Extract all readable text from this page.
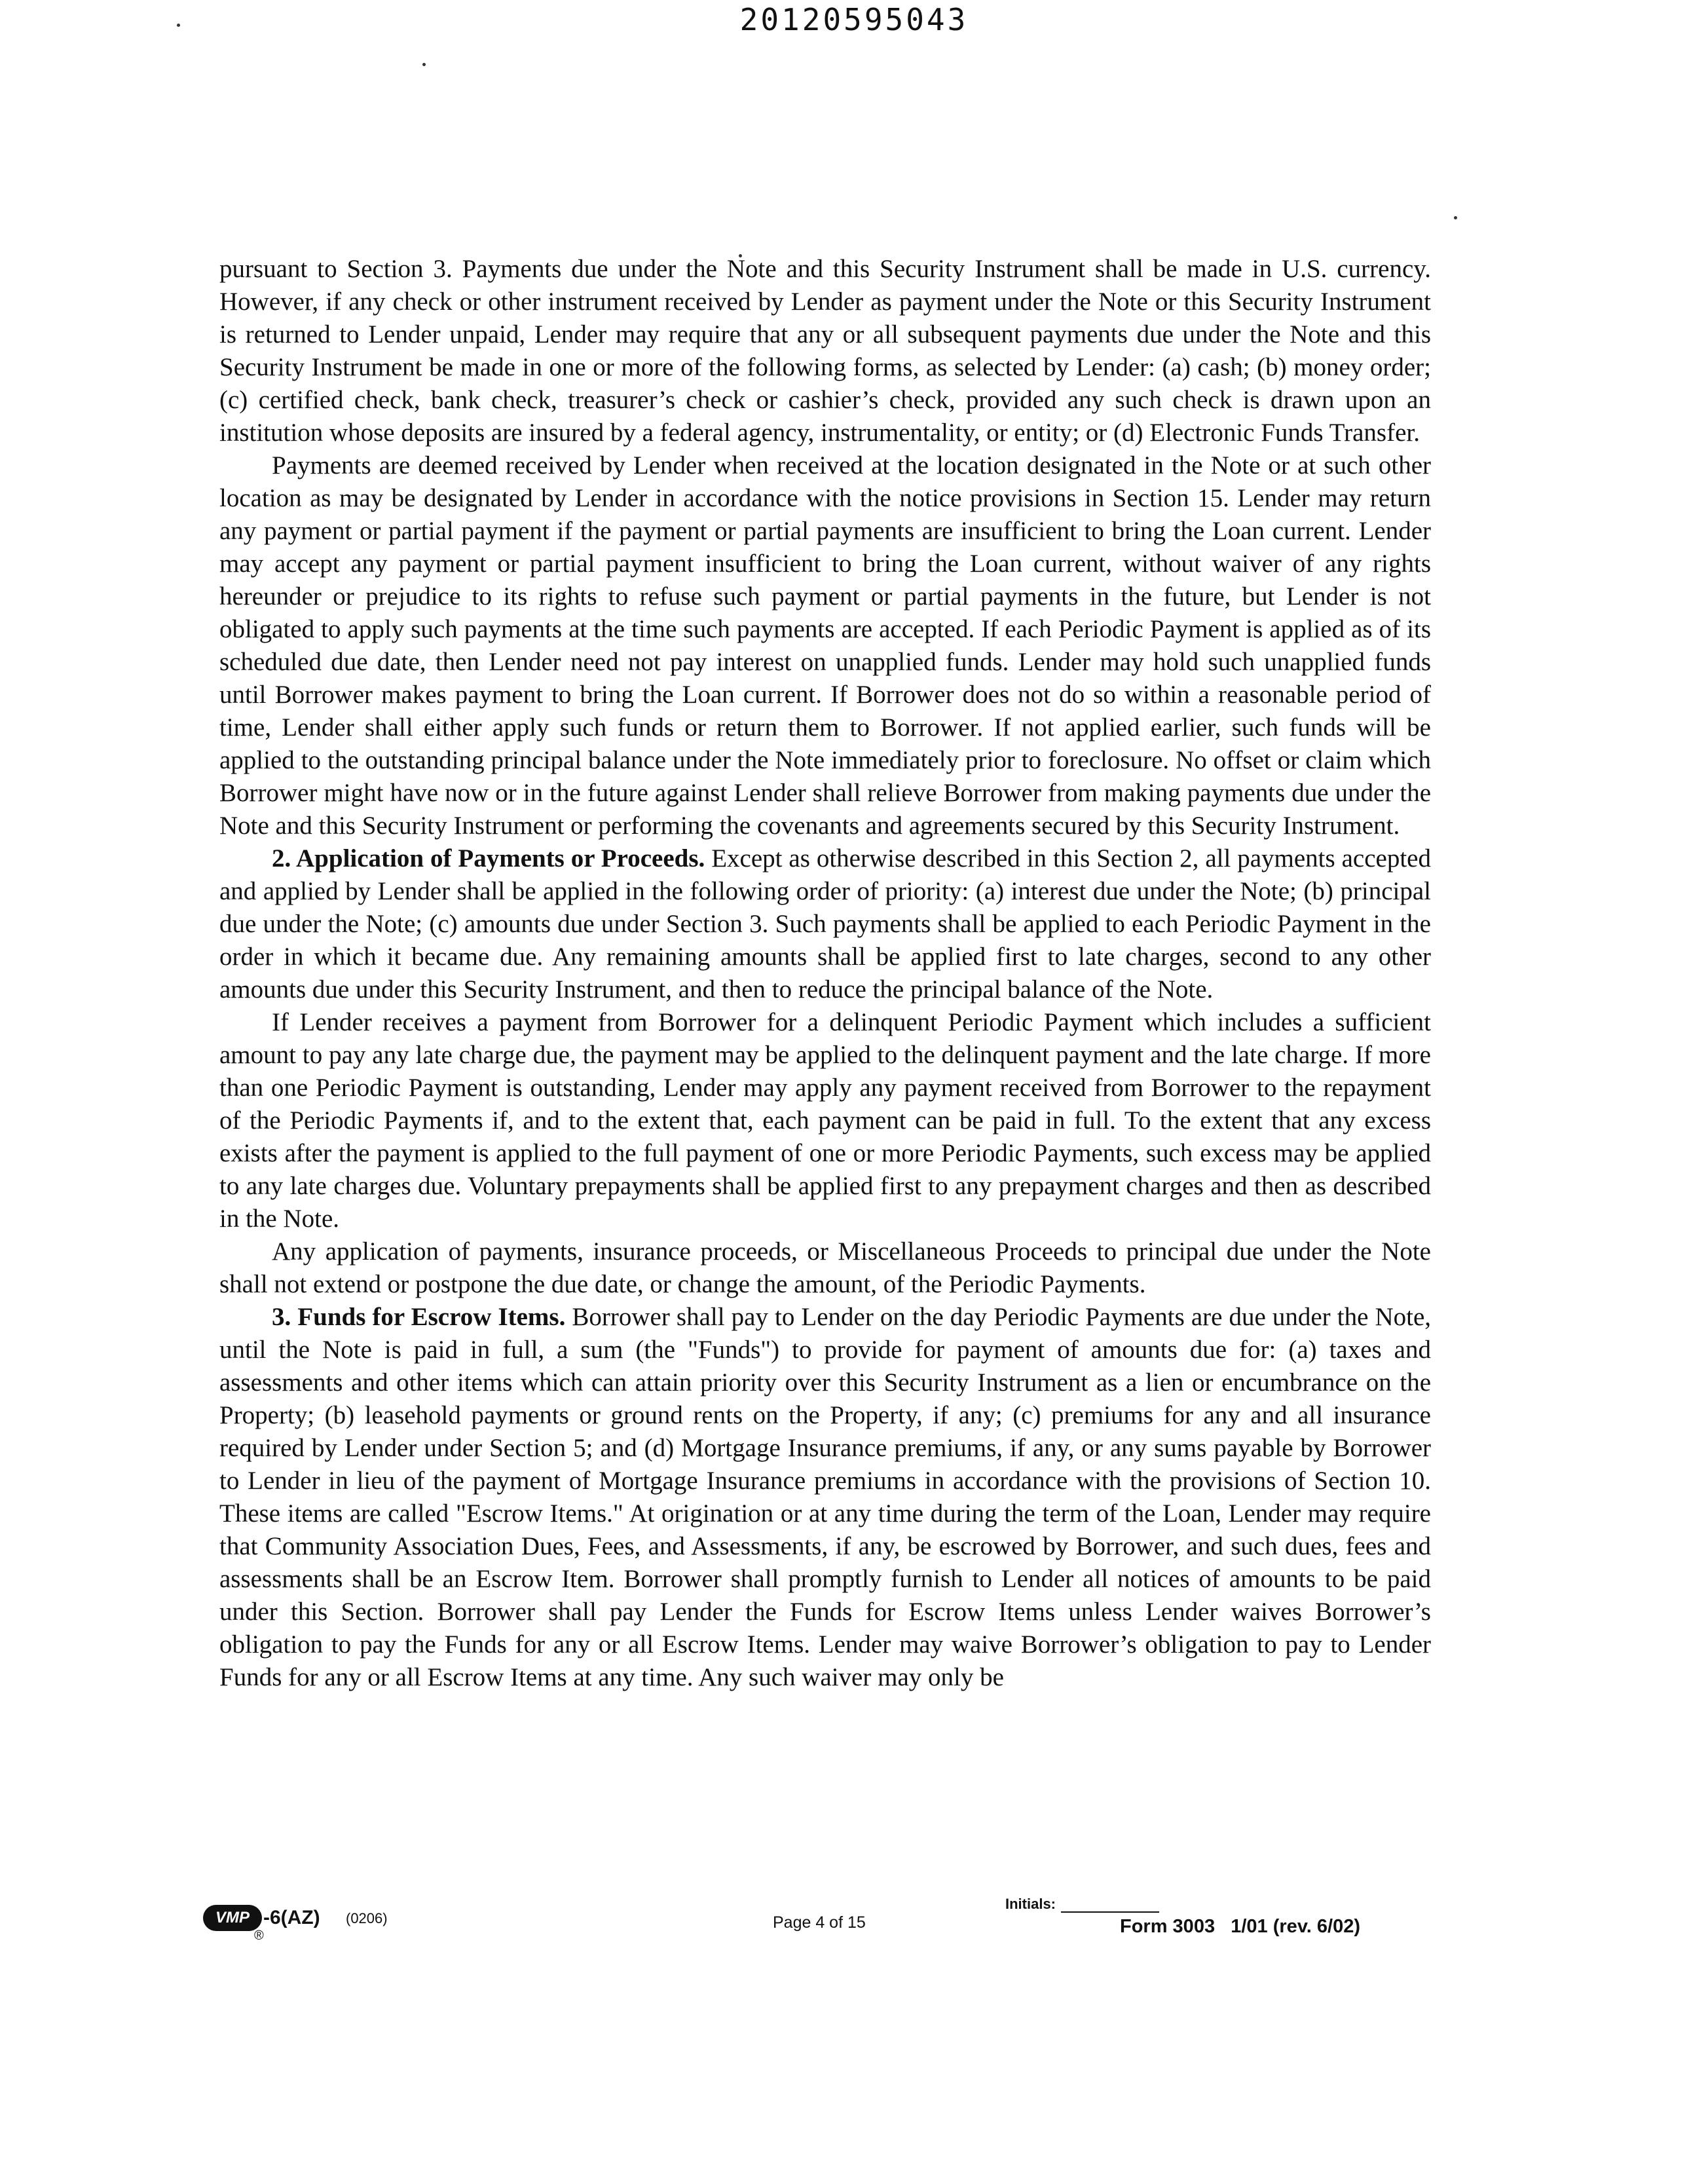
20120595043

pursuant to Section 3. Payments due under the Note and this Security Instrument shall be made in U.S. currency. However, if any check or other instrument received by Lender as payment under the Note or this Security Instrument is returned to Lender unpaid, Lender may require that any or all subsequent payments due under the Note and this Security Instrument be made in one or more of the following forms, as selected by Lender: (a) cash; (b) money order; (c) certified check, bank check, treasurer’s check or cashier’s check, provided any such check is drawn upon an institution whose deposits are insured by a federal agency, instrumentality, or entity; or (d) Electronic Funds Transfer.

Payments are deemed received by Lender when received at the location designated in the Note or at such other location as may be designated by Lender in accordance with the notice provisions in Section 15. Lender may return any payment or partial payment if the payment or partial payments are insufficient to bring the Loan current. Lender may accept any payment or partial payment insufficient to bring the Loan current, without waiver of any rights hereunder or prejudice to its rights to refuse such payment or partial payments in the future, but Lender is not obligated to apply such payments at the time such payments are accepted. If each Periodic Payment is applied as of its scheduled due date, then Lender need not pay interest on unapplied funds. Lender may hold such unapplied funds until Borrower makes payment to bring the Loan current. If Borrower does not do so within a reasonable period of time, Lender shall either apply such funds or return them to Borrower. If not applied earlier, such funds will be applied to the outstanding principal balance under the Note immediately prior to foreclosure. No offset or claim which Borrower might have now or in the future against Lender shall relieve Borrower from making payments due under the Note and this Security Instrument or performing the covenants and agreements secured by this Security Instrument.

2. Application of Payments or Proceeds. Except as otherwise described in this Section 2, all payments accepted and applied by Lender shall be applied in the following order of priority: (a) interest due under the Note; (b) principal due under the Note; (c) amounts due under Section 3. Such payments shall be applied to each Periodic Payment in the order in which it became due. Any remaining amounts shall be applied first to late charges, second to any other amounts due under this Security Instrument, and then to reduce the principal balance of the Note.

If Lender receives a payment from Borrower for a delinquent Periodic Payment which includes a sufficient amount to pay any late charge due, the payment may be applied to the delinquent payment and the late charge. If more than one Periodic Payment is outstanding, Lender may apply any payment received from Borrower to the repayment of the Periodic Payments if, and to the extent that, each payment can be paid in full. To the extent that any excess exists after the payment is applied to the full payment of one or more Periodic Payments, such excess may be applied to any late charges due. Voluntary prepayments shall be applied first to any prepayment charges and then as described in the Note.

Any application of payments, insurance proceeds, or Miscellaneous Proceeds to principal due under the Note shall not extend or postpone the due date, or change the amount, of the Periodic Payments.

3. Funds for Escrow Items. Borrower shall pay to Lender on the day Periodic Payments are due under the Note, until the Note is paid in full, a sum (the "Funds") to provide for payment of amounts due for: (a) taxes and assessments and other items which can attain priority over this Security Instrument as a lien or encumbrance on the Property; (b) leasehold payments or ground rents on the Property, if any; (c) premiums for any and all insurance required by Lender under Section 5; and (d) Mortgage Insurance premiums, if any, or any sums payable by Borrower to Lender in lieu of the payment of Mortgage Insurance premiums in accordance with the provisions of Section 10. These items are called "Escrow Items." At origination or at any time during the term of the Loan, Lender may require that Community Association Dues, Fees, and Assessments, if any, be escrowed by Borrower, and such dues, fees and assessments shall be an Escrow Item. Borrower shall promptly furnish to Lender all notices of amounts to be paid under this Section. Borrower shall pay Lender the Funds for Escrow Items unless Lender waives Borrower’s obligation to pay the Funds for any or all Escrow Items. Lender may waive Borrower’s obligation to pay to Lender Funds for any or all Escrow Items at any time. Any such waiver may only be

VMP
®
-6(AZ) (0206)	Page 4 of 15
Initials:
Form 3003   1/01 (rev. 6/02)
